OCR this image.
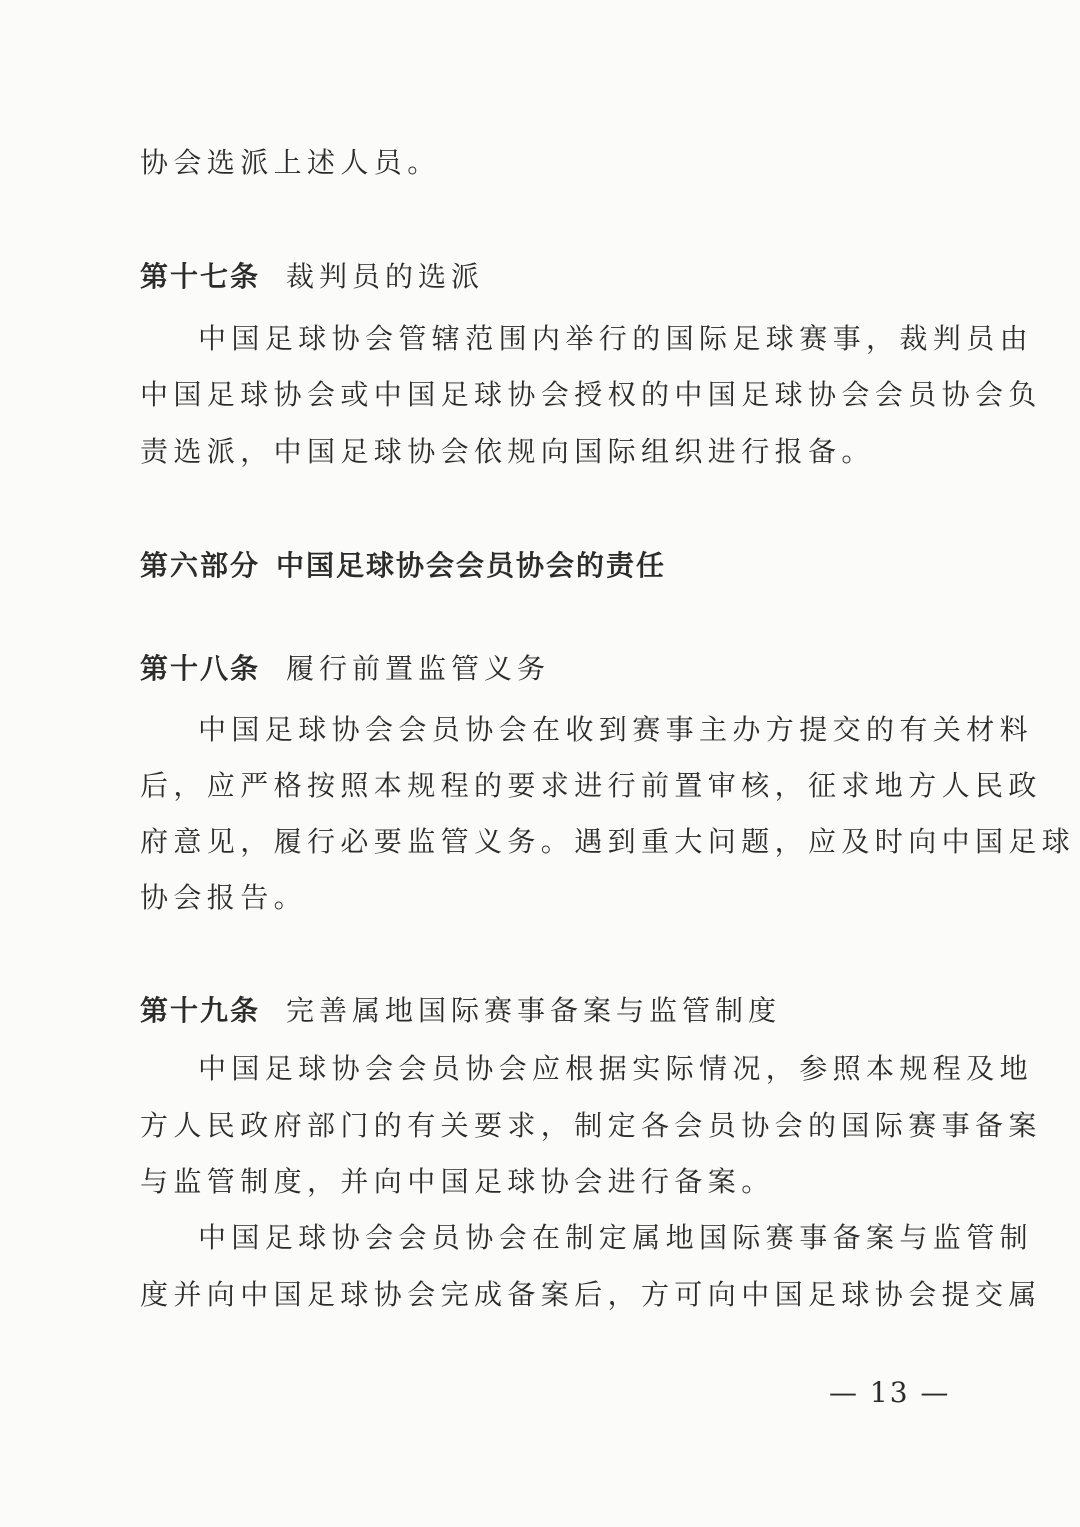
协会选派上述人员。
第十七条 裁判员的选派
中国足球协会管辖范围内举行的国际足球赛事，裁判员由
中国足球协会或中国足球协会授权的中国足球协会会员协会负
责选派，中国足球协会依规向国际组织进行报备。
第六部分 中国足球协会会员协会的责任
第十八条 履行前置监管义务
中国足球协会会员协会在收到赛事主办方提交的有关材料
后，应严格按照本规程的要求进行前置审核，征求地方人民政
府意见，履行必要监管义务。遇到重大问题，应及时向中国足球
协会报告。
第十九条 完善属地国际赛事备案与监管制度
中国足球协会会员协会应根据实际情况，参照本规程及地
方人民政府部门的有关要求，制定各会员协会的国际赛事备案
与监管制度，并向中国足球协会进行备案。
中国足球协会会员协会在制定属地国际赛事备案与监管制
度并向中国足球协会完成备案后，方可向中国足球协会提交属
— 13 —
